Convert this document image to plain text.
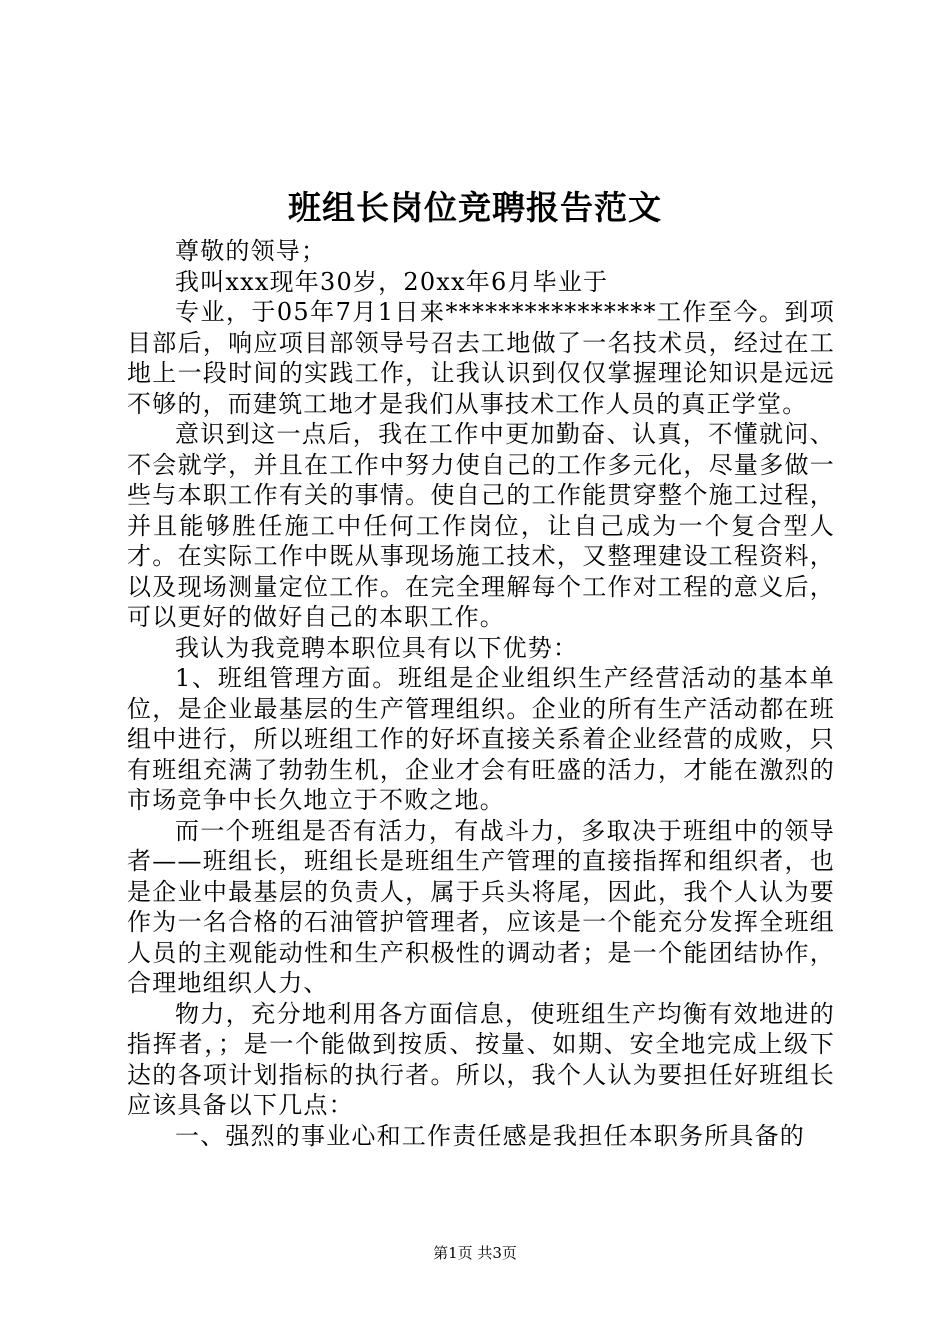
班组长岗位竞聘报告范文

尊敬的领导；

我叫xxx现年30岁，20xx年6月毕业于

专业，于05年7月1日来****************工作至今。到项目部后，响应项目部领导号召去工地做了一名技术员，经过在工地上一段时间的实践工作，让我认识到仅仅掌握理论知识是远远不够的，而建筑工地才是我们从事技术工作人员的真正学堂。

意识到这一点后，我在工作中更加勤奋、认真，不懂就问、不会就学，并且在工作中努力使自己的工作多元化，尽量多做一些与本职工作有关的事情。使自己的工作能贯穿整个施工过程，并且能够胜任施工中任何工作岗位，让自己成为一个复合型人才。在实际工作中既从事现场施工技术，又整理建设工程资料，以及现场测量定位工作。在完全理解每个工作对工程的意义后，可以更好的做好自己的本职工作。

我认为我竞聘本职位具有以下优势：

1、班组管理方面。班组是企业组织生产经营活动的基本单位，是企业最基层的生产管理组织。企业的所有生产活动都在班组中进行，所以班组工作的好坏直接关系着企业经营的成败，只有班组充满了勃勃生机，企业才会有旺盛的活力，才能在激烈的市场竞争中长久地立于不败之地。

而一个班组是否有活力，有战斗力，多取决于班组中的领导者——班组长，班组长是班组生产管理的直接指挥和组织者，也是企业中最基层的负责人，属于兵头将尾，因此，我个人认为要作为一名合格的石油管护管理者，应该是一个能充分发挥全班组人员的主观能动性和生产积极性的调动者；是一个能团结协作，合理地组织人力、

物力，充分地利用各方面信息，使班组生产均衡有效地进的指挥者，；是一个能做到按质、按量、如期、安全地完成上级下达的各项计划指标的执行者。所以，我个人认为要担任好班组长应该具备以下几点：

一、强烈的事业心和工作责任感是我担任本职务所具备的

第1页 共3页
